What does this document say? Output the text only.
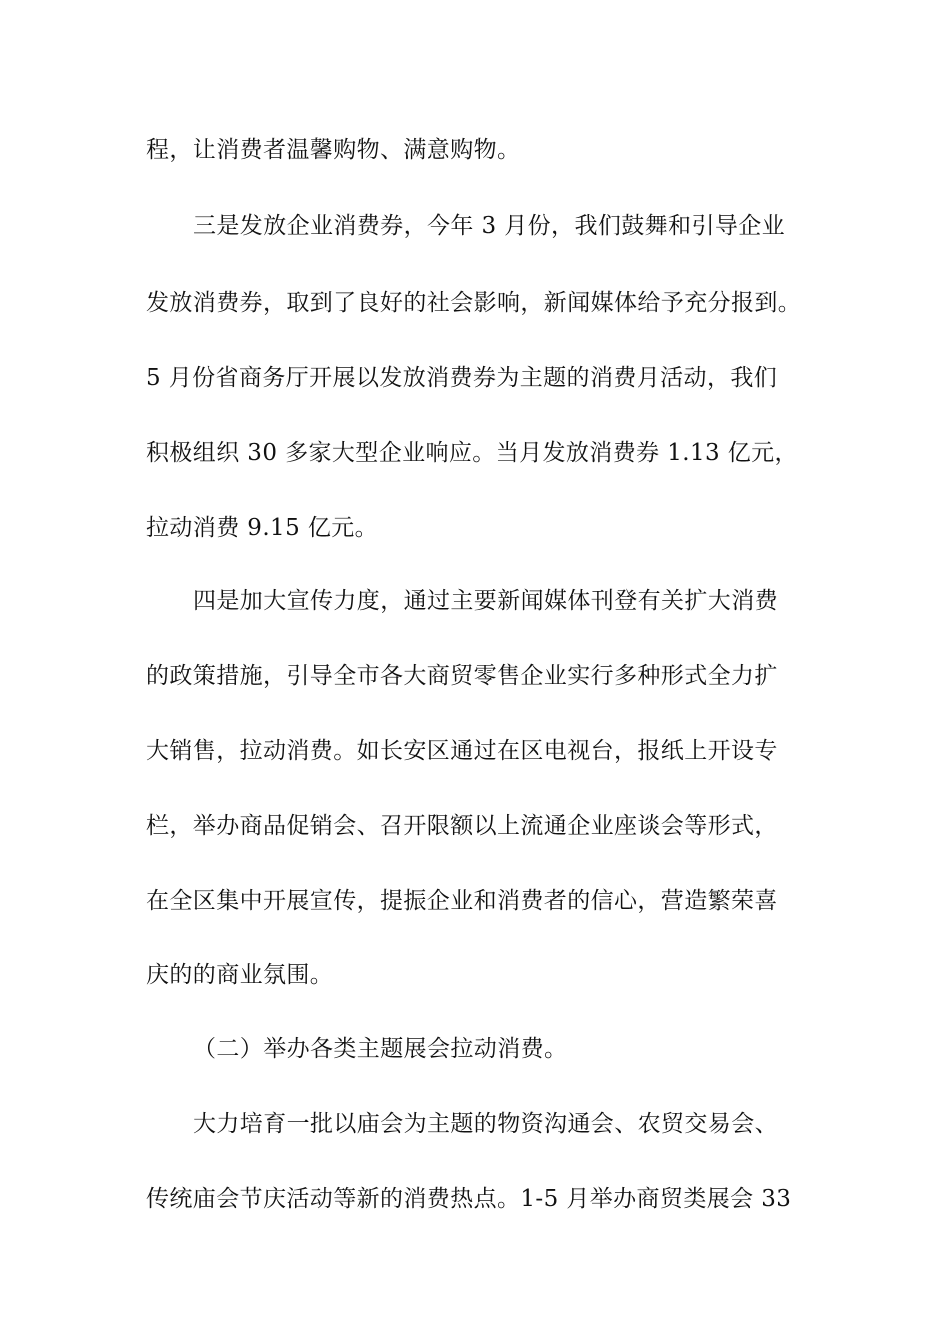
程，让消费者温馨购物、满意购物。
三是发放企业消费券，今年 3 月份，我们鼓舞和引导企业
发放消费券，取到了良好的社会影响，新闻媒体给予充分报到。
5 月份省商务厅开展以发放消费券为主题的消费月活动，我们
积极组织 30 多家大型企业响应。当月发放消费券 1.13 亿元，
拉动消费 9.15 亿元。
四是加大宣传力度，通过主要新闻媒体刊登有关扩大消费
的政策措施，引导全市各大商贸零售企业实行多种形式全力扩
大销售，拉动消费。如长安区通过在区电视台，报纸上开设专
栏，举办商品促销会、召开限额以上流通企业座谈会等形式，
在全区集中开展宣传，提振企业和消费者的信心，营造繁荣喜
庆的的商业氛围。
（二）举办各类主题展会拉动消费。
大力培育一批以庙会为主题的物资沟通会、农贸交易会、
传统庙会节庆活动等新的消费热点。1-5 月举办商贸类展会 33
